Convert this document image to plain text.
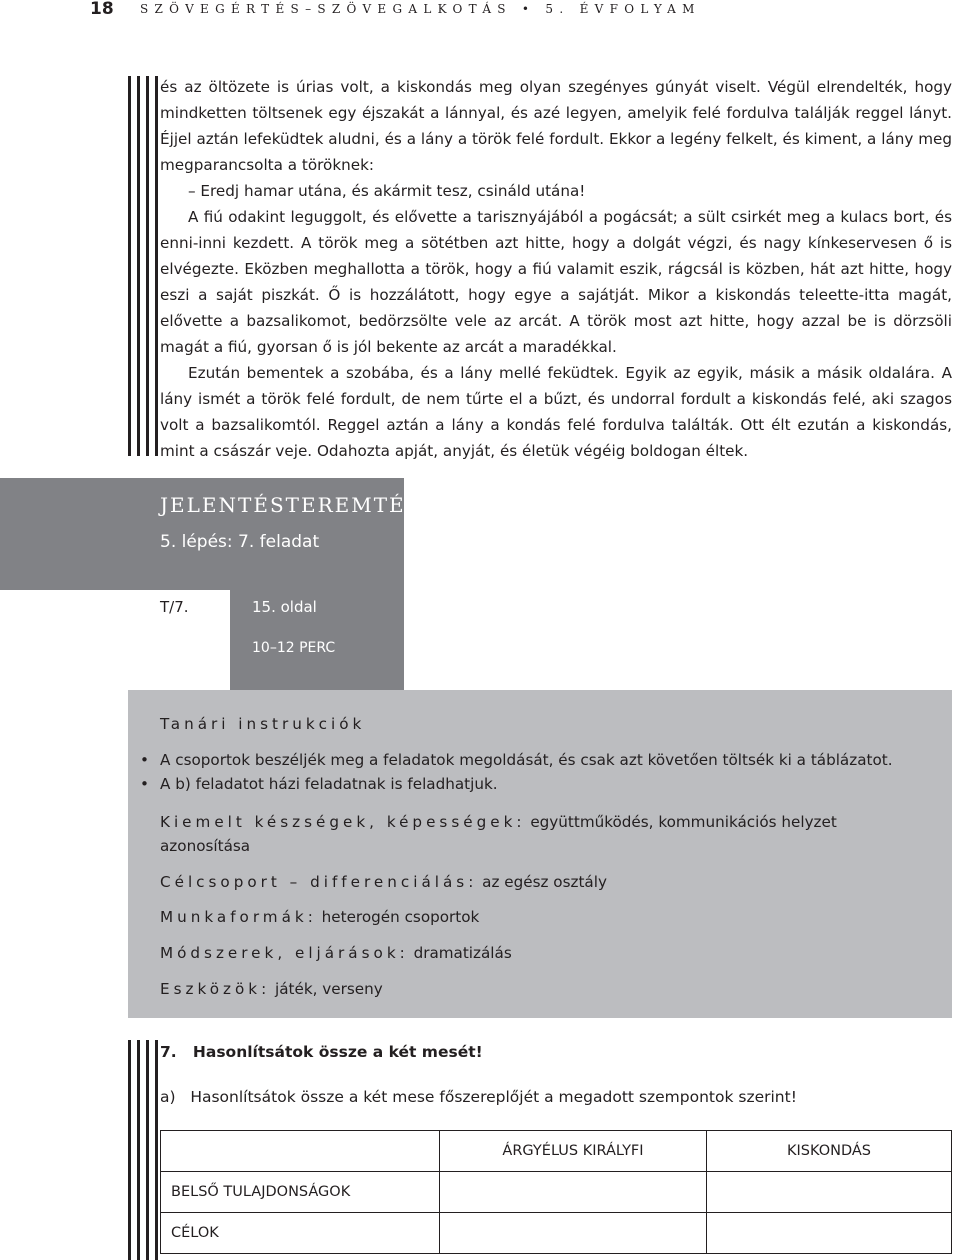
18 SZÖVEGÉRTÉS–SZÖVEGALKOTÁS • 5. ÉVFOLYAM

és az öltözete is úrias volt, a kiskondás meg olyan szegényes gúnyát viselt. Végül elrendelték, hogy mindketten töltsenek egy éjszakát a lánnyal, és azé legyen, amelyik felé fordulva találják reggel lányt. Éjjel aztán lefeküdtek aludni, és a lány a török felé fordult. Ekkor a legény felkelt, és kiment, a lány meg megparancsolta a töröknek:

– Eredj hamar utána, és akármit tesz, csináld utána!

A fiú odakint leguggolt, és elővette a tarisznyájából a pogácsát; a sült csirkét meg a kulacs bort, és enni-inni kezdett. A török meg a sötétben azt hitte, hogy a dolgát végzi, és nagy kínkeservesen ő is elvégezte. Eközben meghallotta a török, hogy a fiú valamit eszik, rágcsál is közben, hát azt hitte, hogy eszi a saját piszkát. Ő is hozzálátott, hogy egye a sajátját. Mikor a kiskondás teleette-itta magát, elővette a bazsalikomot, bedörzsölte vele az arcát. A török most azt hitte, hogy azzal be is dörzsöli magát a fiú, gyorsan ő is jól bekente az arcát a maradékkal.

Ezután bementek a szobába, és a lány mellé feküdtek. Egyik az egyik, másik a másik oldalára. A lány ismét a török felé fordult, de nem tűrte el a bűzt, és undorral fordult a kiskondás felé, aki szagos volt a bazsalikomtól. Reggel aztán a lány a kondás felé fordulva találták. Ott élt ezután a kiskondás, mint a császár veje. Odahozta apját, anyját, és életük végéig boldogan éltek.

JELENTÉSTEREMTÉS
5. lépés: 7. feladat
T/7.	15. oldal
10–12 PERC
Tanári instrukciók
• A csoportok beszéljék meg a feladatok megoldását, és csak azt követően töltsék ki a táblázatot.
• A b) feladatot házi feladatnak is feladhatjuk.
Kiemelt készségek, képességek: együttműködés, kommunikációs helyzet azonosítása
Célcsoport – differenciálás: az egész osztály
Munkaformák: heterogén csoportok
Módszerek, eljárások: dramatizálás
Eszközök: játék, verseny
7. Hasonlítsátok össze a két mesét!
a) Hasonlítsátok össze a két mese főszereplőjét a megadott szempontok szerint!
	ÁRGYÉLUS KIRÁLYFI	KISKONDÁS
BELSŐ TULAJDONSÁGOK		
CÉLOK		
